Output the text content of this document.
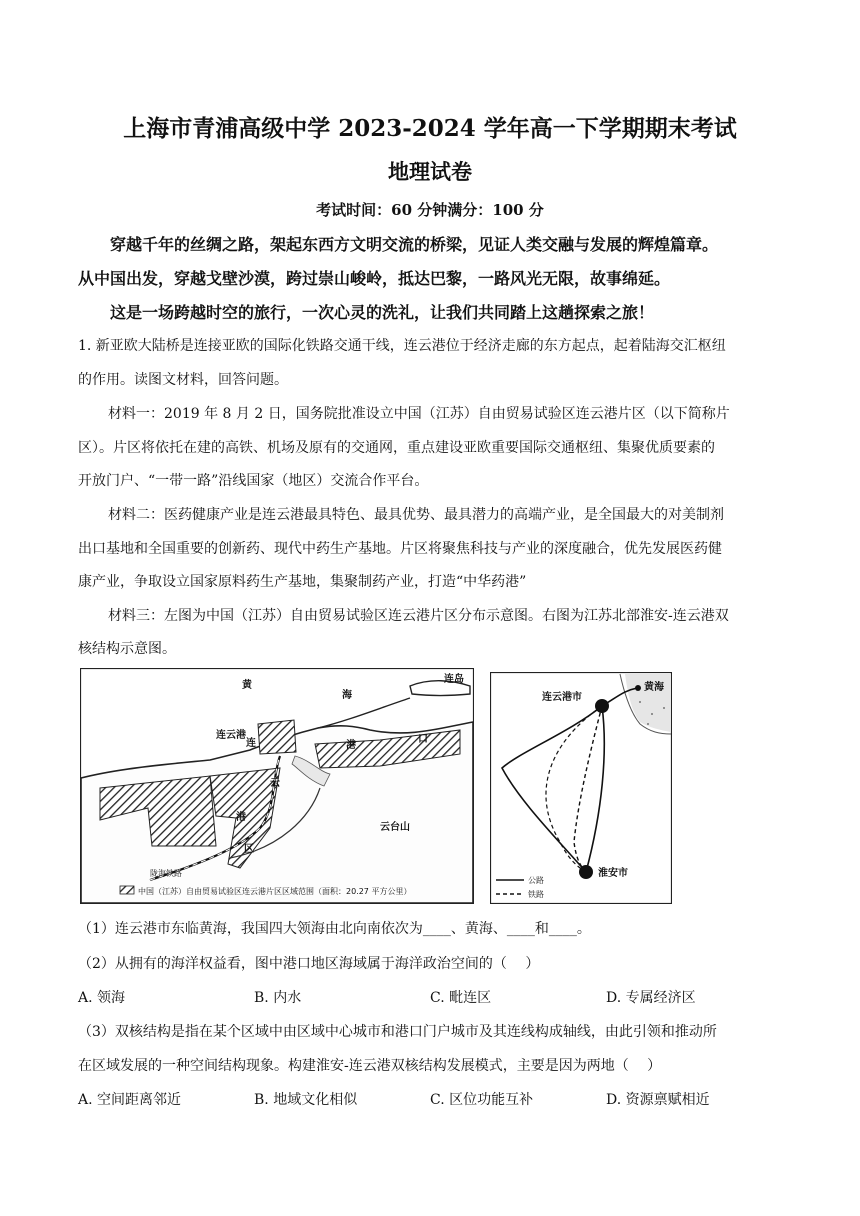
上海市青浦高级中学 2023-2024 学年高一下学期期末考试
地理试卷
考试时间：60 分钟满分：100 分
穿越千年的丝绸之路，架起东西方文明交流的桥梁，见证人类交融与发展的辉煌篇章。
从中国出发，穿越戈壁沙漠，跨过崇山峻岭，抵达巴黎，一路风光无限，故事绵延。
这是一场跨越时空的旅行，一次心灵的洗礼，让我们共同踏上这趟探索之旅！
1. 新亚欧大陆桥是连接亚欧的国际化铁路交通干线，连云港位于经济走廊的东方起点，起着陆海交汇枢纽
的作用。读图文材料，回答问题。
材料一：2019 年 8 月 2 日，国务院批准设立中国（江苏）自由贸易试验区连云港片区（以下简称片
区）。片区将依托在建的高铁、机场及原有的交通网，重点建设亚欧重要国际交通枢纽、集聚优质要素的
开放门户、“一带一路”沿线国家（地区）交流合作平台。
材料二：医药健康产业是连云港最具特色、最具优势、最具潜力的高端产业，是全国最大的对美制剂
出口基地和全国重要的创新药、现代中药生产基地。片区将聚焦科技与产业的深度融合，优先发展医药健
康产业，争取设立国家原料药生产基地，集聚制药产业，打造“中华药港”
材料三：左图为中国（江苏）自由贸易试验区连云港片区分布示意图。右图为江苏北部淮安-连云港双
核结构示意图。
黄
海
连岛
连云港
港
口
云台山
陇海铁路
连
云
港
区
中国（江苏）自由贸易试验区连云港片区区域范围（面积：20.27 平方公里）
连云港市
黄海
淮安市
公路
铁路
（1）连云港市东临黄海，我国四大领海由北向南依次为____、黄海、____和____。
（2）从拥有的海洋权益看，图中港口地区海域属于海洋政治空间的（　 ）
A. 领海	B. 内水	C. 毗连区	D. 专属经济区
（3）双核结构是指在某个区域中由区域中心城市和港口门户城市及其连线构成轴线，由此引领和推动所
在区域发展的一种空间结构现象。构建淮安-连云港双核结构发展模式，主要是因为两地（　 ）
A. 空间距离邻近	B. 地域文化相似	C. 区位功能互补	D. 资源禀赋相近
